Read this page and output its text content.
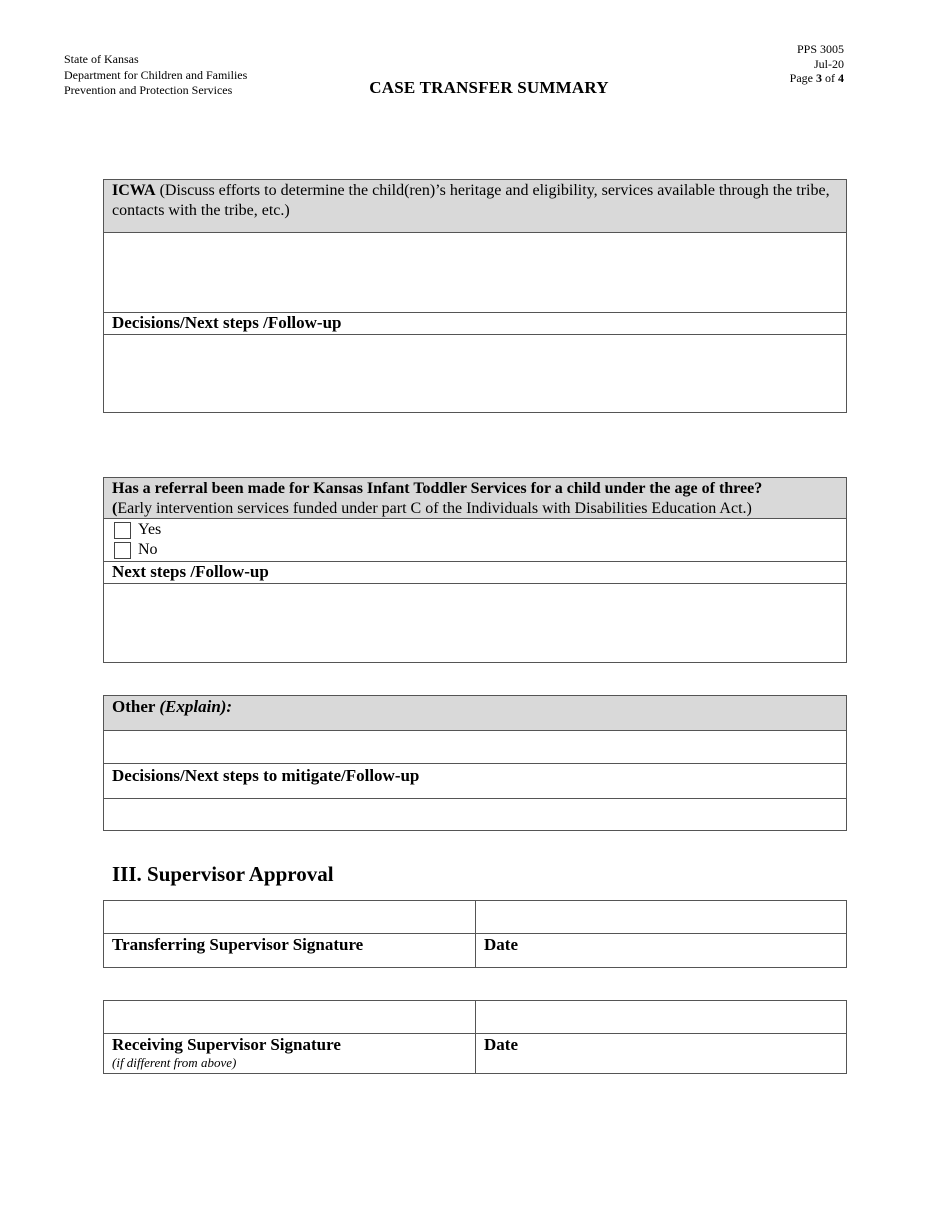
State of Kansas
Department for Children and Families
Prevention and Protection Services
PPS 3005
Jul-20
Page 3 of 4
CASE TRANSFER SUMMARY
ICWA (Discuss efforts to determine the child(ren)’s heritage and eligibility, services available through the tribe, contacts with the tribe, etc.)
Decisions/Next steps /Follow-up
Has a referral been made for Kansas Infant Toddler Services for a child under the age of three?
(Early intervention services funded under part C of the Individuals with Disabilities Education Act.)
Yes
No
Next steps /Follow-up
Other (Explain):
Decisions/Next steps to mitigate/Follow-up
III. Supervisor Approval
Transferring Supervisor Signature	Date
Receiving Supervisor Signature
(if different from above)
Date
